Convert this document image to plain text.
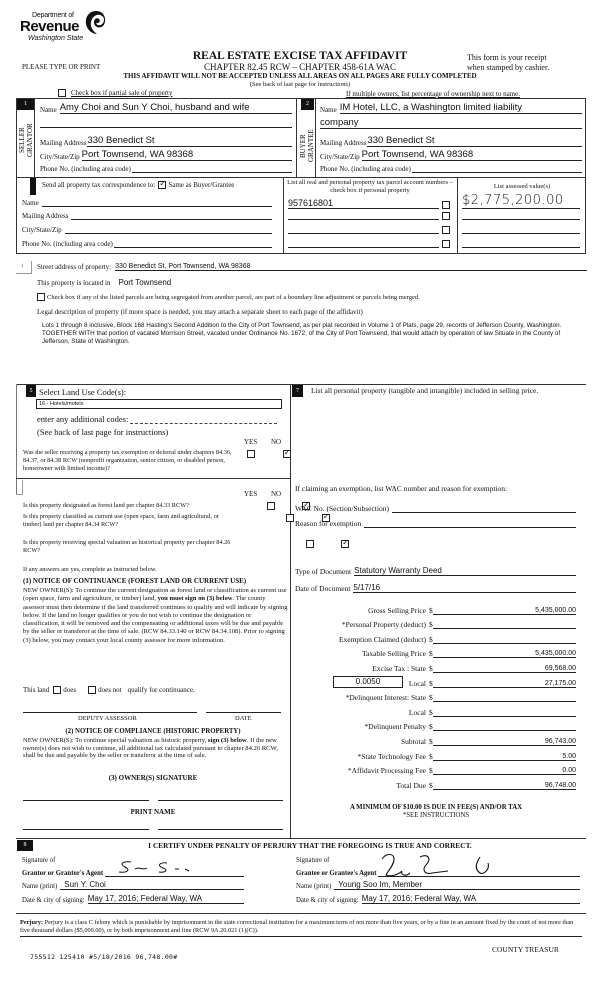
Department of
Revenue
Washington State
REAL ESTATE EXCISE TAX AFFIDAVIT
PLEASE TYPE OR PRINT	CHAPTER 82.45 RCW – CHAPTER 458-61A WAC
This form is your receipt
when stamped by cashier.
THIS AFFIDAVIT WILL NOT BE ACCEPTED UNLESS ALL AREAS ON ALL PAGES ARE FULLY COMPLETED
(See back of last page for instructions)
Check box if partial sale of property	If multiple owners, list percentage of ownership next to name.
1
SELLER
GRANTOR
Name Amy Choi and Sun Y Choi, husband and wife
Mailing Address 330 Benedict St
City/State/Zip Port Townsend, WA 98368
Phone No. (including area code)
2
BUYER
GRANTEE
Name IM Hotel, LLC, a Washington limited liability
company
Mailing Address 330 Benedict St
City/State/Zip Port Townsend, WA 98368
Phone No. (including area code)
3 Send all property tax correspondence to: ✓ Same as Buyer/Grantee
Name
Mailing Address
City/State/Zip
Phone No. (including area code)
List all real and personal property tax parcel account numbers – check box if personal property
List assessed value(s)
957616801	$2,775,200.00
4	Street address of property: 330 Benedict St, Port Townsend, WA 98368
This property is located in Port Townsend
Check box if any of the listed parcels are being segregated from another parcel, are part of a boundary line adjustment or parcels being merged.
Legal description of property (if more space is needed, you may attach a separate sheet to each page of the affidavit)
Lots 1 through 8 inclusive, Block 168 Hasting's Second Addition to the City of Port Townsend, as per plat recorded in Volume 1 of Plats, page 29, records of Jefferson County, Washington. TOGETHER WITH that portion of vacated Morrison Street, vacated under Ordinance No. 1672, of the City of Port Townsend, that would attach by operation of law Situate in the County of Jefferson, State of Washington.
5 Select Land Use Code(s):
16 - Hotels/motels
enter any additional codes:
(See back of last page for instructions)
YES NO
Was the seller receiving a property tax exemption or deferral under chapters 84.36, 84.37, or 84.38 RCW (nonprofit organization, senior citizen, or disabled person, homeowner with limited income)?
✓
YES NO
Is this property designated as forest land per chapter 84.33 RCW?
✓
Is this property classified as current use (open space, farm and agricultural, or timber) land per chapter 84.34 RCW?
✓
Is this property receiving special valuation as historical property per chapter 84.26 RCW?
✓
If any answers are yes, complete as instructed below.
(1) NOTICE OF CONTINUANCE (FOREST LAND OR CURRENT USE)
NEW OWNER(S): To continue the current designation as forest land or classification as current use (open space, farm and agriculture, or timber) land, you must sign on (3) below. The county assessor must then determine if the land transferred continues to qualify and will indicate by signing below. If the land no longer qualifies or you do not wish to continue the designation or classification, it will be removed and the compensating or additional taxes will be due and payable by the seller or transferor at the time of sale. (RCW 84.33.140 or RCW 84.34.108). Prior to signing (3) below, you may contact your local county assessor for more information.
This land does	does not qualify for continuance.
DEPUTY ASSESSOR	DATE
(2) NOTICE OF COMPLIANCE (HISTORIC PROPERTY)
NEW OWNER(S): To continue special valuation as historic property, sign (3) below. If the new owner(s) does not wish to continue, all additional tax calculated pursuant to chapter 84.26 RCW, shall be due and payable by the seller or transferor at the time of sale.
(3) OWNER(S) SIGNATURE
PRINT NAME
7	List all personal property (tangible and intangible) included in selling price.
If claiming an exemption, list WAC number and reason for exemption:
WAC No. (Section/Subsection)
Reason for exemption
Type of Document Statutory Warranty Deed
Date of Document 5/17/16
Gross Selling Price $	5,435,000.00
*Personal Property (deduct) $
Exemption Claimed (deduct) $
Taxable Selling Price $	5,435,000.00
Excise Tax : State $	69,568.00
0.0050	Local $	27,175.00
*Delinquent Interest: State $
Local $
*Delinquent Penalty $
Subtotal $	96,743.00
*State Technology Fee $	5.00
*Affidavit Processing Fee $	0.00
Total Due $	96,748.00
A MINIMUM OF $10.00 IS DUE IN FEE(S) AND/OR TAX
*SEE INSTRUCTIONS
8	I CERTIFY UNDER PENALTY OF PERJURY THAT THE FOREGOING IS TRUE AND CORRECT.
Signature of
Grantor or Grantor's Agent
Name (print) Sun Y. Choi
Date & city of signing: May 17, 2016; Federal Way, WA
Signature of
Grantee or Grantee's Agent
Name (print) Young Soo Im, Member
Date & city of signing: May 17, 2016; Federal Way, WA
Perjury: Perjury is a class C felony which is punishable by imprisonment in the state correctional institution for a maximum term of not more than five years, or by a fine in an amount fixed by the court of not more than five thousand dollars ($5,000.00), or by both imprisonment and fine (RCW 9A.20.021 (1)(C)).
755512 125410 #5/18/2016 96,748.00#
COUNTY TREASUR
